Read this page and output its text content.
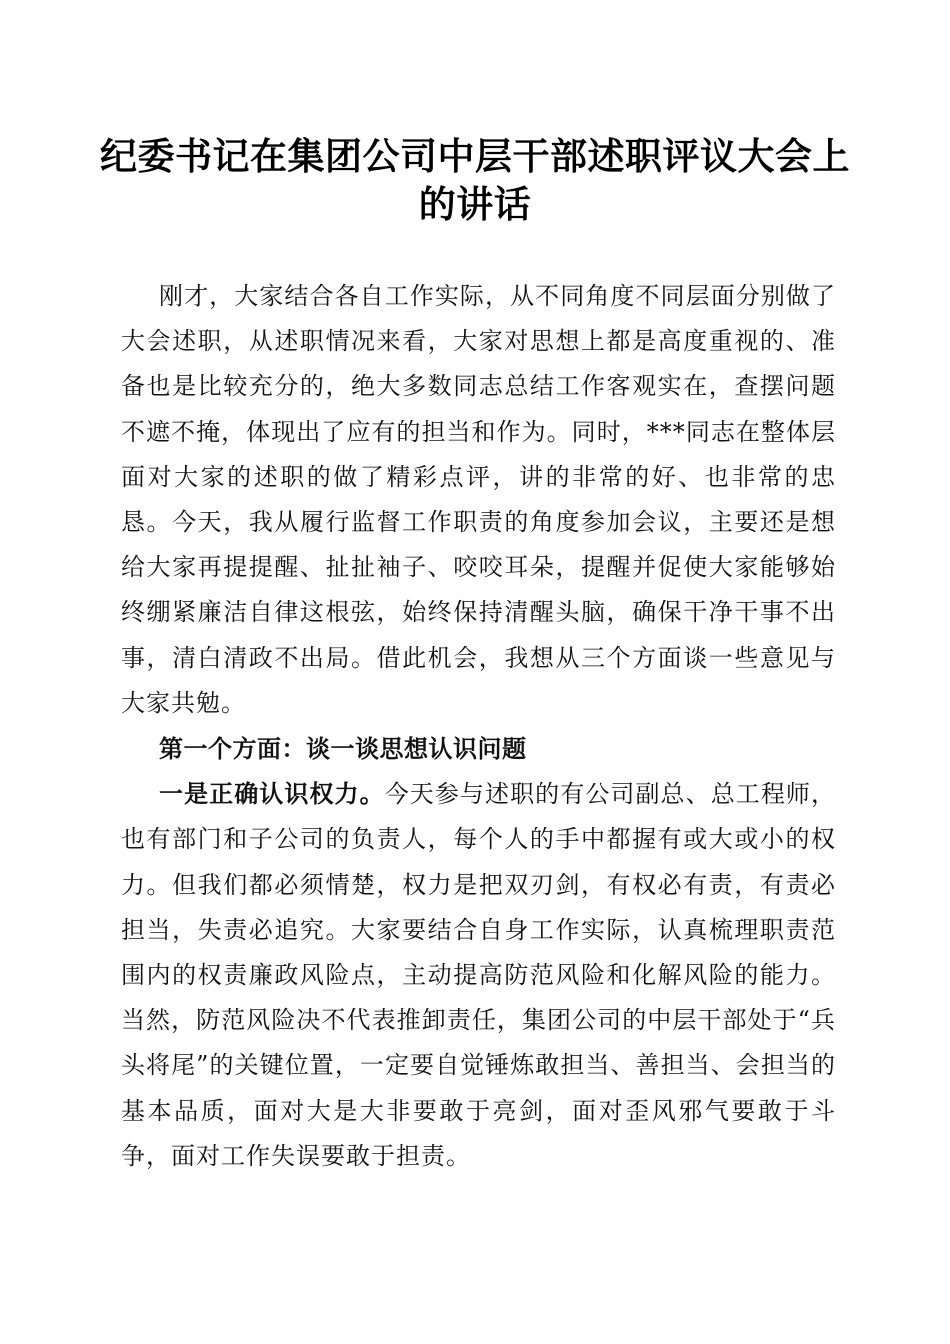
纪委书记在集团公司中层干部述职评议大会上的讲话

刚才，大家结合各自工作实际，从不同角度不同层面分别做了大会述职，从述职情况来看，大家对思想上都是高度重视的、准备也是比较充分的，绝大多数同志总结工作客观实在，查摆问题不遮不掩，体现出了应有的担当和作为。同时，***同志在整体层面对大家的述职的做了精彩点评，讲的非常的好、也非常的忠恳。今天，我从履行监督工作职责的角度参加会议，主要还是想给大家再提提醒、扯扯袖子、咬咬耳朵，提醒并促使大家能够始终绷紧廉洁自律这根弦，始终保持清醒头脑，确保干净干事不出事，清白清政不出局。借此机会，我想从三个方面谈一些意见与大家共勉。

第一个方面：谈一谈思想认识问题

一是正确认识权力。今天参与述职的有公司副总、总工程师，也有部门和子公司的负责人，每个人的手中都握有或大或小的权力。但我们都必须情楚，权力是把双刃剑，有权必有责，有责必担当，失责必追究。大家要结合自身工作实际，认真梳理职责范围内的权责廉政风险点，主动提高防范风险和化解风险的能力。当然，防范风险决不代表推卸责任，集团公司的中层干部处于“兵头将尾”的关键位置，一定要自觉锤炼敢担当、善担当、会担当的基本品质，面对大是大非要敢于亮剑，面对歪风邪气要敢于斗争，面对工作失误要敢于担责。
